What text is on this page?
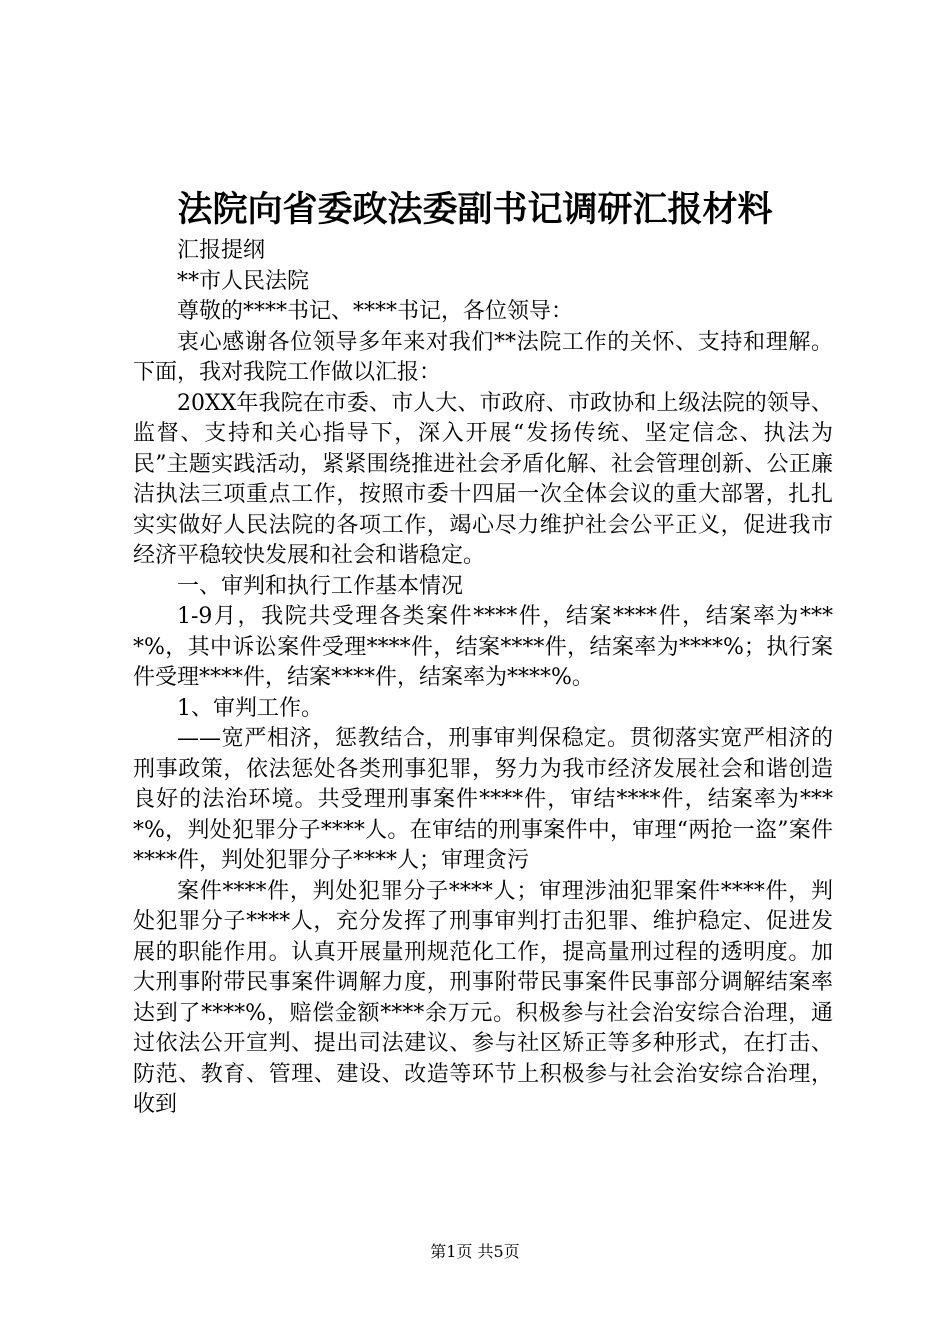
法院向省委政法委副书记调研汇报材料

汇报提纲

**市人民法院

尊敬的****书记、****书记，各位领导：

衷心感谢各位领导多年来对我们**法院工作的关怀、支持和理解。下面，我对我院工作做以汇报：

20XX年我院在市委、市人大、市政府、市政协和上级法院的领导、监督、支持和关心指导下，深入开展“发扬传统、坚定信念、执法为民”主题实践活动，紧紧围绕推进社会矛盾化解、社会管理创新、公正廉洁执法三项重点工作，按照市委十四届一次全体会议的重大部署，扎扎实实做好人民法院的各项工作，竭心尽力维护社会公平正义，促进我市经济平稳较快发展和社会和谐稳定。

一、审判和执行工作基本情况

1-9月，我院共受理各类案件****件，结案****件，结案率为****%，其中诉讼案件受理****件，结案****件，结案率为****%；执行案件受理****件，结案****件，结案率为****%。

1、审判工作。

——宽严相济，惩教结合，刑事审判保稳定。贯彻落实宽严相济的刑事政策，依法惩处各类刑事犯罪，努力为我市经济发展社会和谐创造良好的法治环境。共受理刑事案件****件，审结****件，结案率为****%，判处犯罪分子****人。在审结的刑事案件中，审理“两抢一盗”案件****件，判处犯罪分子****人；审理贪污

案件****件，判处犯罪分子****人；审理涉油犯罪案件****件，判处犯罪分子****人，充分发挥了刑事审判打击犯罪、维护稳定、促进发展的职能作用。认真开展量刑规范化工作，提高量刑过程的透明度。加大刑事附带民事案件调解力度，刑事附带民事案件民事部分调解结案率达到了****%，赔偿金额****余万元。积极参与社会治安综合治理，通过依法公开宣判、提出司法建议、参与社区矫正等多种形式，在打击、防范、教育、管理、建设、改造等环节上积极参与社会治安综合治理，收到

第1页 共5页
